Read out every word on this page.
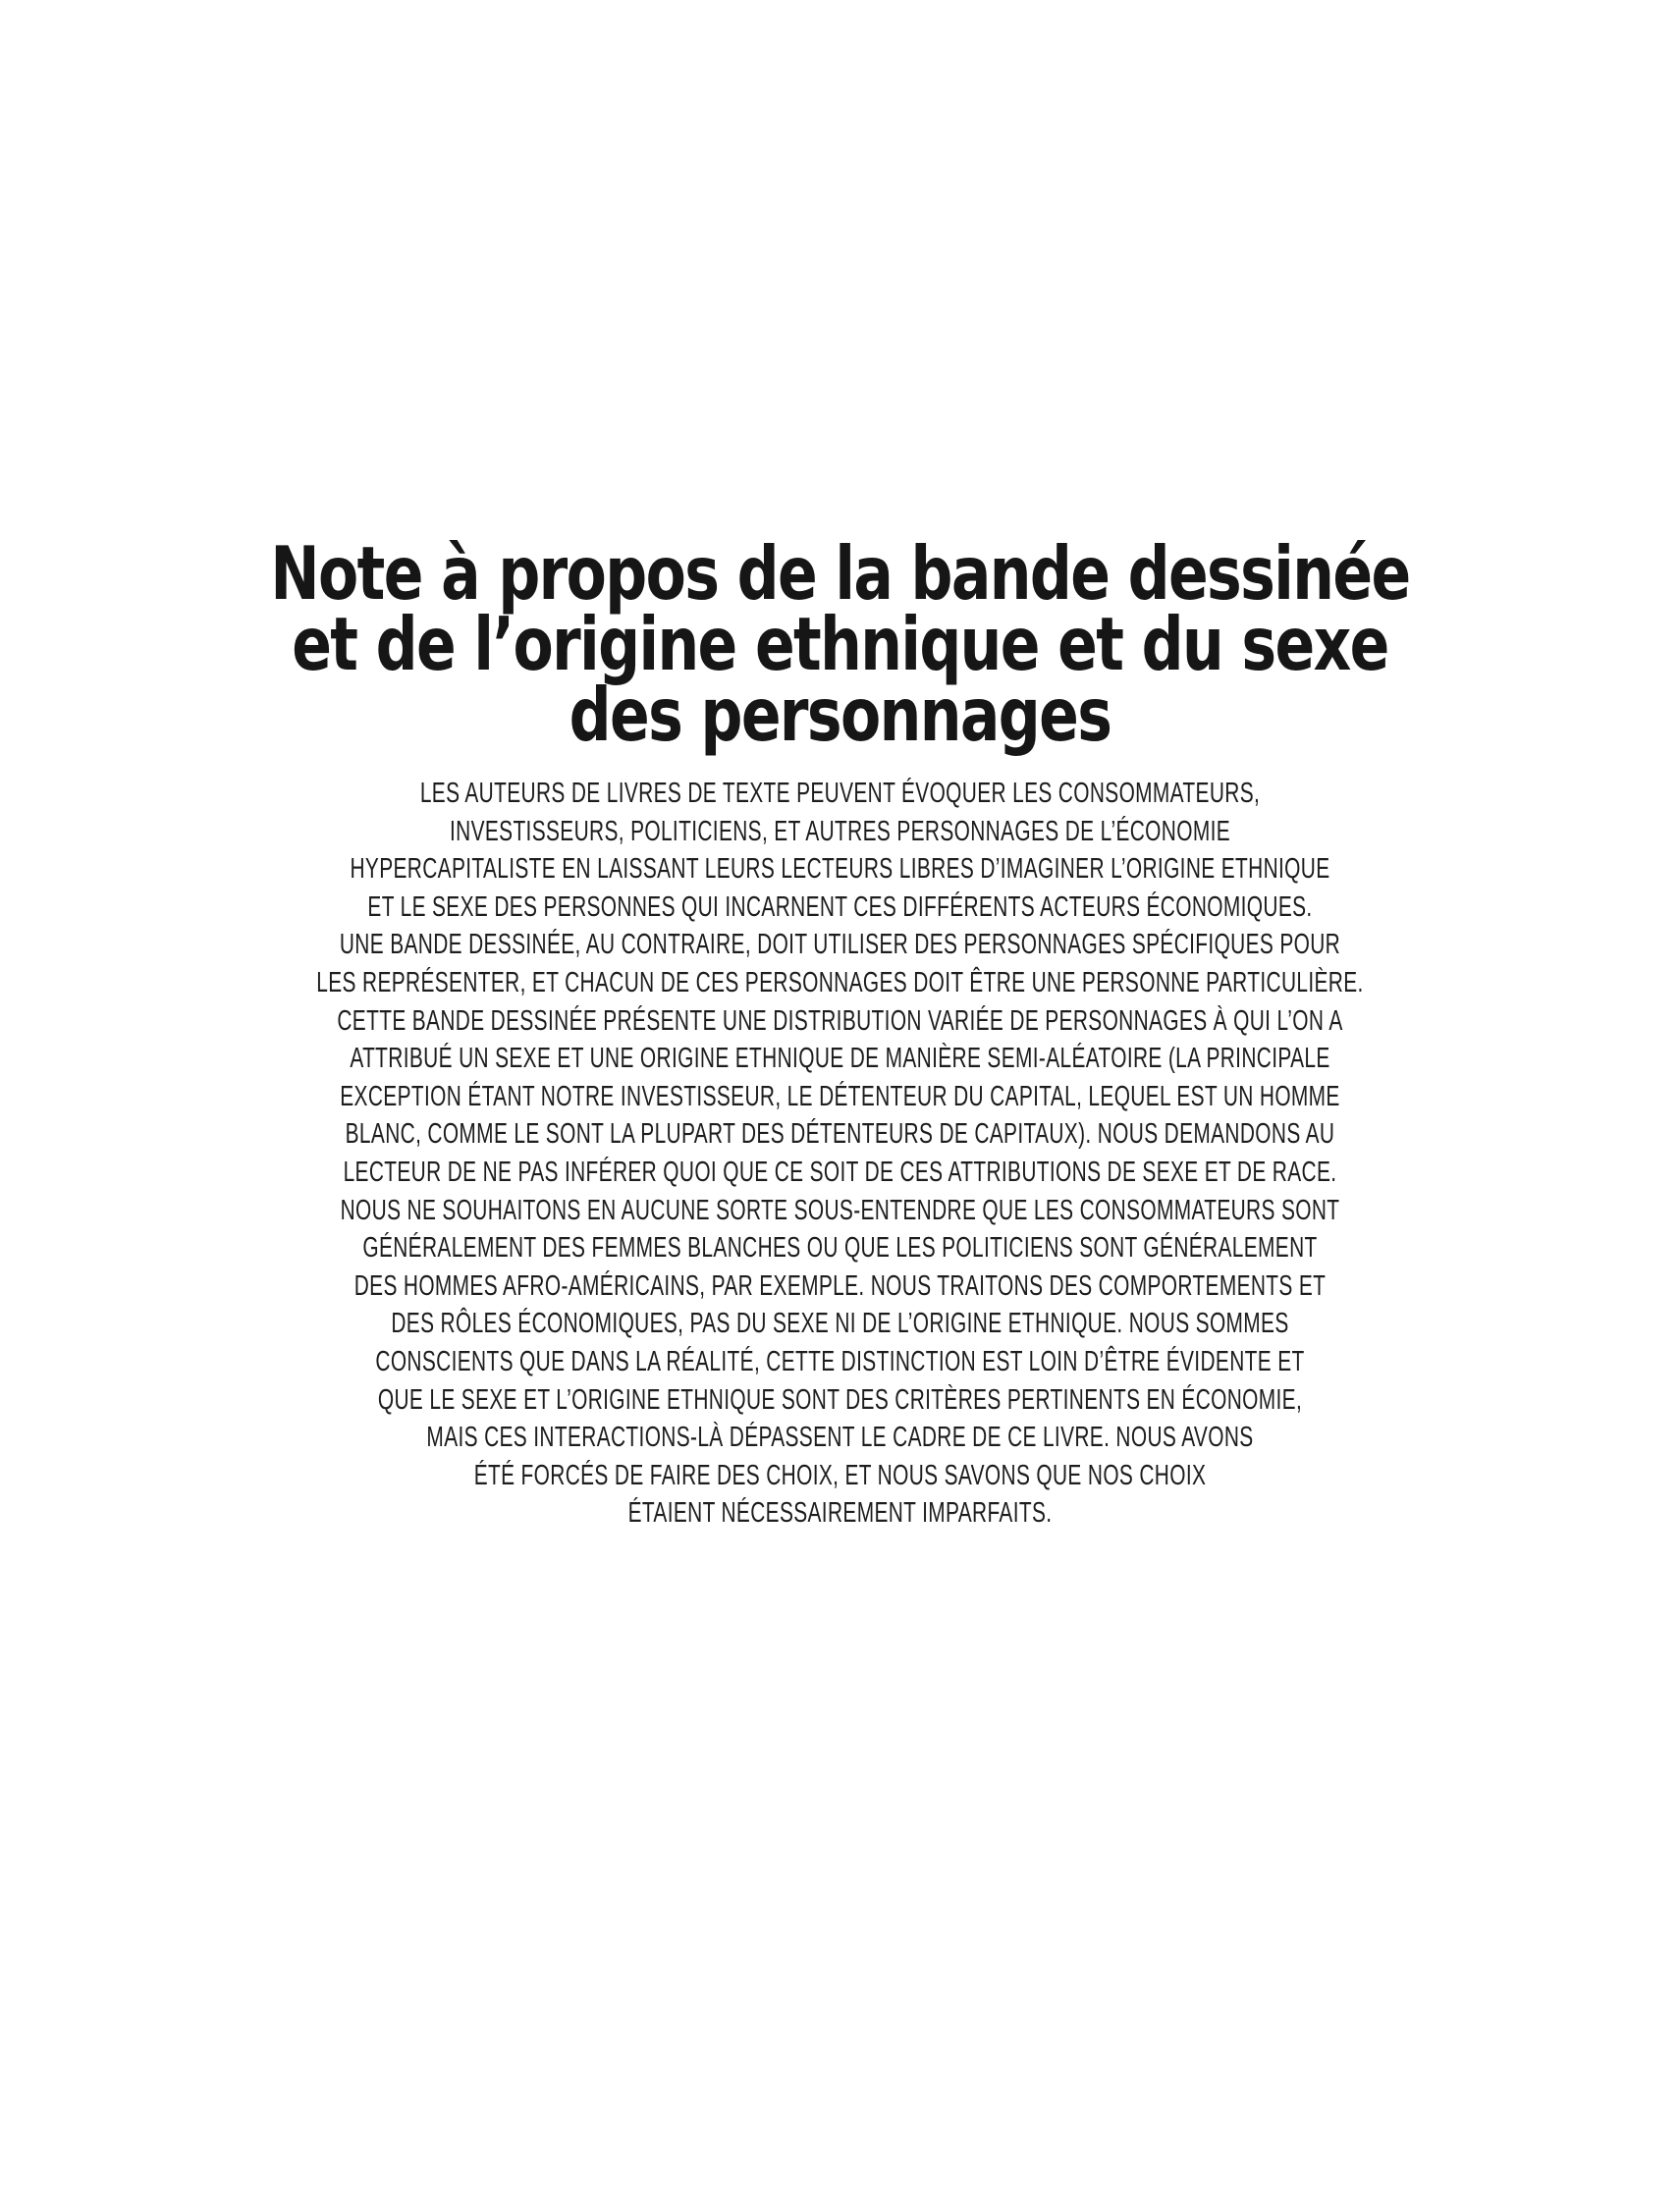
Note à propos de la bande dessinée
et de l’origine ethnique et du sexe
des personnages
LES AUTEURS DE LIVRES DE TEXTE PEUVENT ÉVOQUER LES CONSOMMATEURS,
INVESTISSEURS, POLITICIENS, ET AUTRES PERSONNAGES DE L’ÉCONOMIE
HYPERCAPITALISTE EN LAISSANT LEURS LECTEURS LIBRES D’IMAGINER L’ORIGINE ETHNIQUE
ET LE SEXE DES PERSONNES QUI INCARNENT CES DIFFÉRENTS ACTEURS ÉCONOMIQUES.
UNE BANDE DESSINÉE, AU CONTRAIRE, DOIT UTILISER DES PERSONNAGES SPÉCIFIQUES POUR
LES REPRÉSENTER, ET CHACUN DE CES PERSONNAGES DOIT ÊTRE UNE PERSONNE PARTICULIÈRE.
CETTE BANDE DESSINÉE PRÉSENTE UNE DISTRIBUTION VARIÉE DE PERSONNAGES À QUI L’ON A
ATTRIBUÉ UN SEXE ET UNE ORIGINE ETHNIQUE DE MANIÈRE SEMI-ALÉATOIRE (LA PRINCIPALE
EXCEPTION ÉTANT NOTRE INVESTISSEUR, LE DÉTENTEUR DU CAPITAL, LEQUEL EST UN HOMME
BLANC, COMME LE SONT LA PLUPART DES DÉTENTEURS DE CAPITAUX). NOUS DEMANDONS AU
LECTEUR DE NE PAS INFÉRER QUOI QUE CE SOIT DE CES ATTRIBUTIONS DE SEXE ET DE RACE.
NOUS NE SOUHAITONS EN AUCUNE SORTE SOUS-ENTENDRE QUE LES CONSOMMATEURS SONT
GÉNÉRALEMENT DES FEMMES BLANCHES OU QUE LES POLITICIENS SONT GÉNÉRALEMENT
DES HOMMES AFRO-AMÉRICAINS, PAR EXEMPLE. NOUS TRAITONS DES COMPORTEMENTS ET
DES RÔLES ÉCONOMIQUES, PAS DU SEXE NI DE L’ORIGINE ETHNIQUE. NOUS SOMMES
CONSCIENTS QUE DANS LA RÉALITÉ, CETTE DISTINCTION EST LOIN D’ÊTRE ÉVIDENTE ET
QUE LE SEXE ET L’ORIGINE ETHNIQUE SONT DES CRITÈRES PERTINENTS EN ÉCONOMIE,
MAIS CES INTERACTIONS-LÀ DÉPASSENT LE CADRE DE CE LIVRE. NOUS AVONS
ÉTÉ FORCÉS DE FAIRE DES CHOIX, ET NOUS SAVONS QUE NOS CHOIX
ÉTAIENT NÉCESSAIREMENT IMPARFAITS.
